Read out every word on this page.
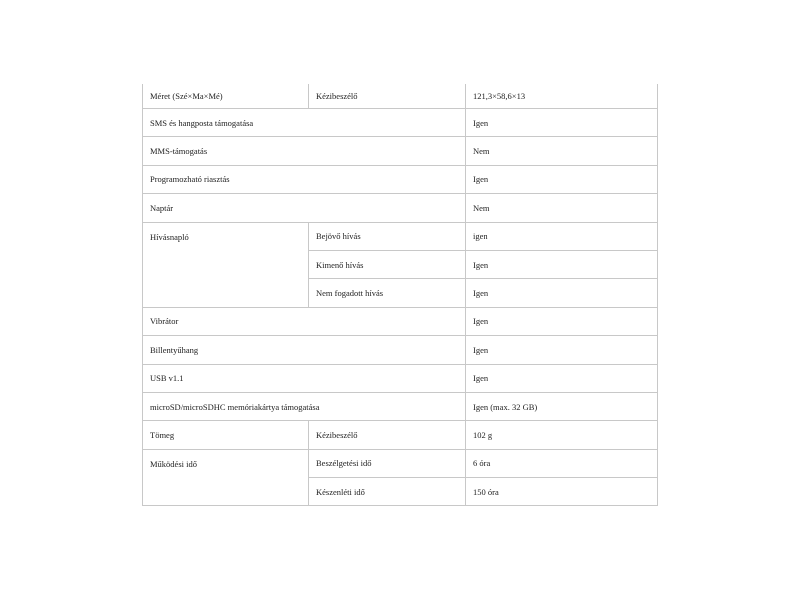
Méret (Szé×Ma×Mé)	Kézibeszélő	121,3×58,6×13
SMS és hangposta támogatása		Igen
MMS-támogatás		Nem
Programozható riasztás		Igen
Naptár		Nem
Hívásnapló	Bejövő hívás	igen
	Kimenő hívás	Igen
	Nem fogadott hívás	Igen
Vibrátor		Igen
Billentyűhang		Igen
USB v1.1		Igen
microSD/microSDHC memóriakártya támogatása		Igen (max. 32 GB)
Tömeg	Kézibeszélő	102 g
Működési idő	Beszélgetési idő	6 óra
	Készenléti idő	150 óra
